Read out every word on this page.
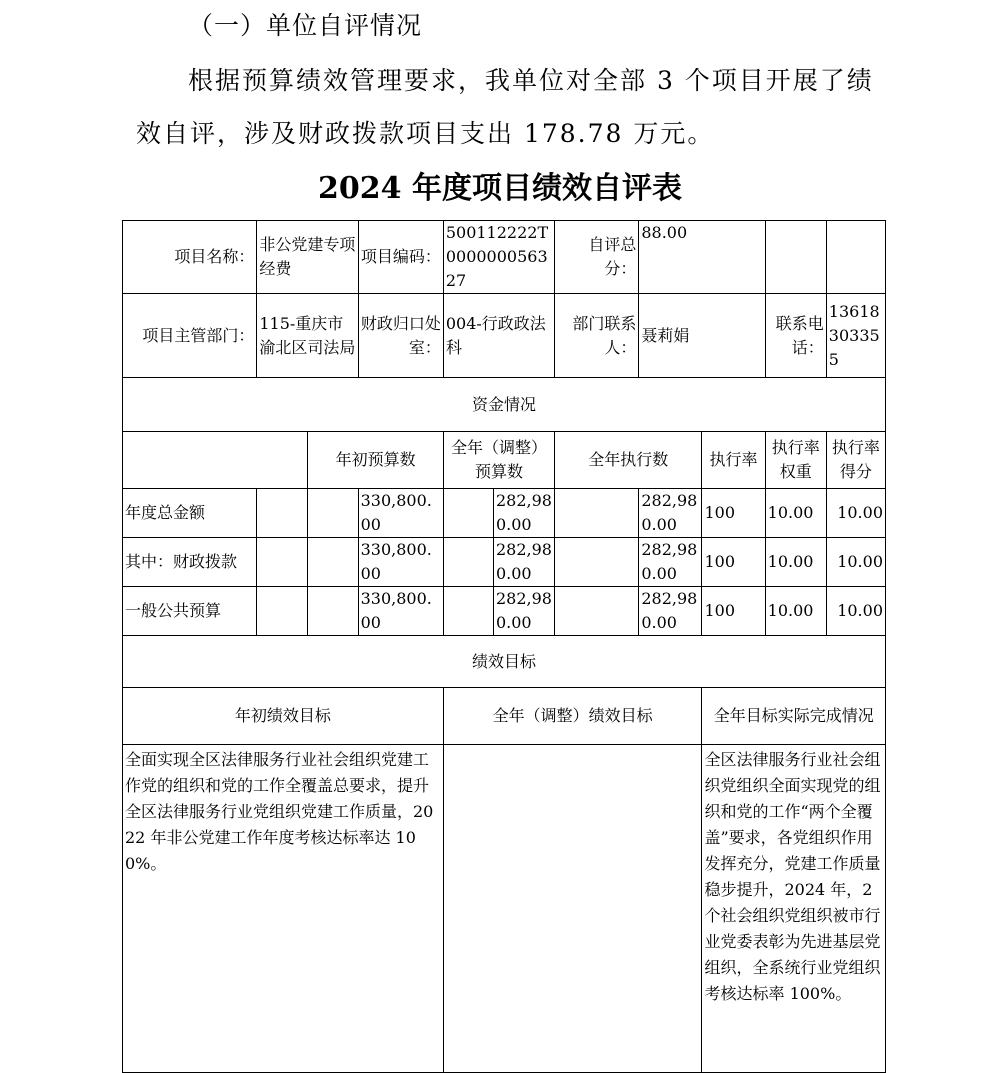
（一）单位自评情况
根据预算绩效管理要求，我单位对全部 3 个项目开展了绩效自评，涉及财政拨款项目支出 178.78 万元。
2024 年度项目绩效自评表
项目名称：	非公党建专项经费		项目编码：	500112222T000000056327		自评总分：	88.00			
项目主管部门：	115-重庆市渝北区司法局		财政归口处室：	004-行政政法科		部门联系人：	聂莉娟		联系电话：	13618303355
资金情况										
		年初预算数		全年（调整）预算数		全年执行数		执行率	执行率权重	执行率得分
年度总金额			330,800.00		282,980.00		282,980.00	100	10.00	10.00
其中：财政拨款			330,800.00		282,980.00		282,980.00	100	10.00	10.00
一般公共预算			330,800.00		282,980.00		282,980.00	100	10.00	10.00
绩效目标										
年初绩效目标				全年（调整）绩效目标				全年目标实际完成情况		
全面实现全区法律服务行业社会组织党建工作党的组织和党的工作全覆盖总要求，提升全区法律服务行业党组织党建工作质量，2022 年非公党建工作年度考核达标率达 100%。								全区法律服务行业社会组织党组织全面实现党的组织和党的工作“两个全覆盖”要求，各党组织作用发挥充分，党建工作质量稳步提升，2024 年，2 个社会组织党组织被市行业党委表彰为先进基层党组织，全系统行业党组织考核达标率 100%。		
